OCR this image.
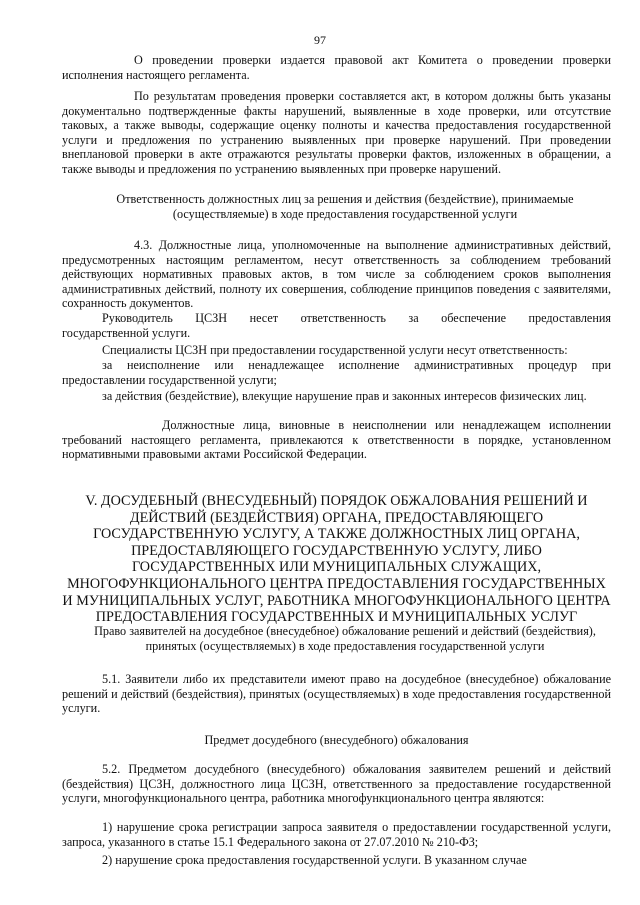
97

О проведении проверки издается правовой акт Комитета о проведении проверки исполнения настоящего регламента.

По результатам проведения проверки составляется акт, в котором должны быть указаны документально подтвержденные факты нарушений, выявленные в ходе проверки, или отсутствие таковых, а также выводы, содержащие оценку полноты и качества предоставления государственной услуги и предложения по устранению выявленных при проверке нарушений. При проведении внеплановой проверки в акте отражаются результаты проверки фактов, изложенных в обращении, а также выводы и предложения по устранению выявленных при проверке нарушений.

Ответственность должностных лиц за решения и действия (бездействие), принимаемые (осуществляемые) в ходе предоставления государственной услуги

4.3. Должностные лица, уполномоченные на выполнение административных действий, предусмотренных настоящим регламентом, несут ответственность за соблюдением требований действующих нормативных правовых актов, в том числе за соблюдением сроков выполнения административных действий, полноту их совершения, соблюдение принципов поведения с заявителями, сохранность документов.

Руководитель ЦСЗН несет ответственность за обеспечение предоставления
государственной услуги.

Специалисты ЦСЗН при предоставлении государственной услуги несут ответственность:

за неисполнение или ненадлежащее исполнение административных процедур при предоставлении государственной услуги;

за действия (бездействие), влекущие нарушение прав и законных интересов физических лиц.

Должностные лица, виновные в неисполнении или ненадлежащем исполнении требований настоящего регламента, привлекаются к ответственности в порядке, установленном нормативными правовыми актами Российской Федерации.

V. ДОСУДЕБНЫЙ (ВНЕСУДЕБНЫЙ) ПОРЯДОК ОБЖАЛОВАНИЯ РЕШЕНИЙ И ДЕЙСТВИЙ (БЕЗДЕЙСТВИЯ) ОРГАНА, ПРЕДОСТАВЛЯЮЩЕГО ГОСУДАРСТВЕННУЮ УСЛУГУ, А ТАКЖЕ ДОЛЖНОСТНЫХ ЛИЦ ОРГАНА, ПРЕДОСТАВЛЯЮЩЕГО ГОСУДАРСТВЕННУЮ УСЛУГУ, ЛИБО ГОСУДАРСТВЕННЫХ ИЛИ МУНИЦИПАЛЬНЫХ СЛУЖАЩИХ, МНОГОФУНКЦИОНАЛЬНОГО ЦЕНТРА ПРЕДОСТАВЛЕНИЯ ГОСУДАРСТВЕННЫХ И МУНИЦИПАЛЬНЫХ УСЛУГ, РАБОТНИКА МНОГОФУНКЦИОНАЛЬНОГО ЦЕНТРА ПРЕДОСТАВЛЕНИЯ ГОСУДАРСТВЕННЫХ И МУНИЦИПАЛЬНЫХ УСЛУГ

Право заявителей на досудебное (внесудебное) обжалование решений и действий (бездействия), принятых (осуществляемых) в ходе предоставления государственной услуги

5.1. Заявители либо их представители имеют право на досудебное (внесудебное) обжалование решений и действий (бездействия), принятых (осуществляемых) в ходе предоставления государственной услуги.

Предмет досудебного (внесудебного) обжалования

5.2. Предметом досудебного (внесудебного) обжалования заявителем решений и действий (бездействия) ЦСЗН, должностного лица ЦСЗН, ответственного за предоставление государственной услуги, многофункционального центра, работника многофункционального центра являются:

1) нарушение срока регистрации запроса заявителя о предоставлении государственной услуги, запроса, указанного в статье 15.1 Федерального закона от 27.07.2010 № 210-ФЗ;

2) нарушение срока предоставления государственной услуги. В указанном случае
